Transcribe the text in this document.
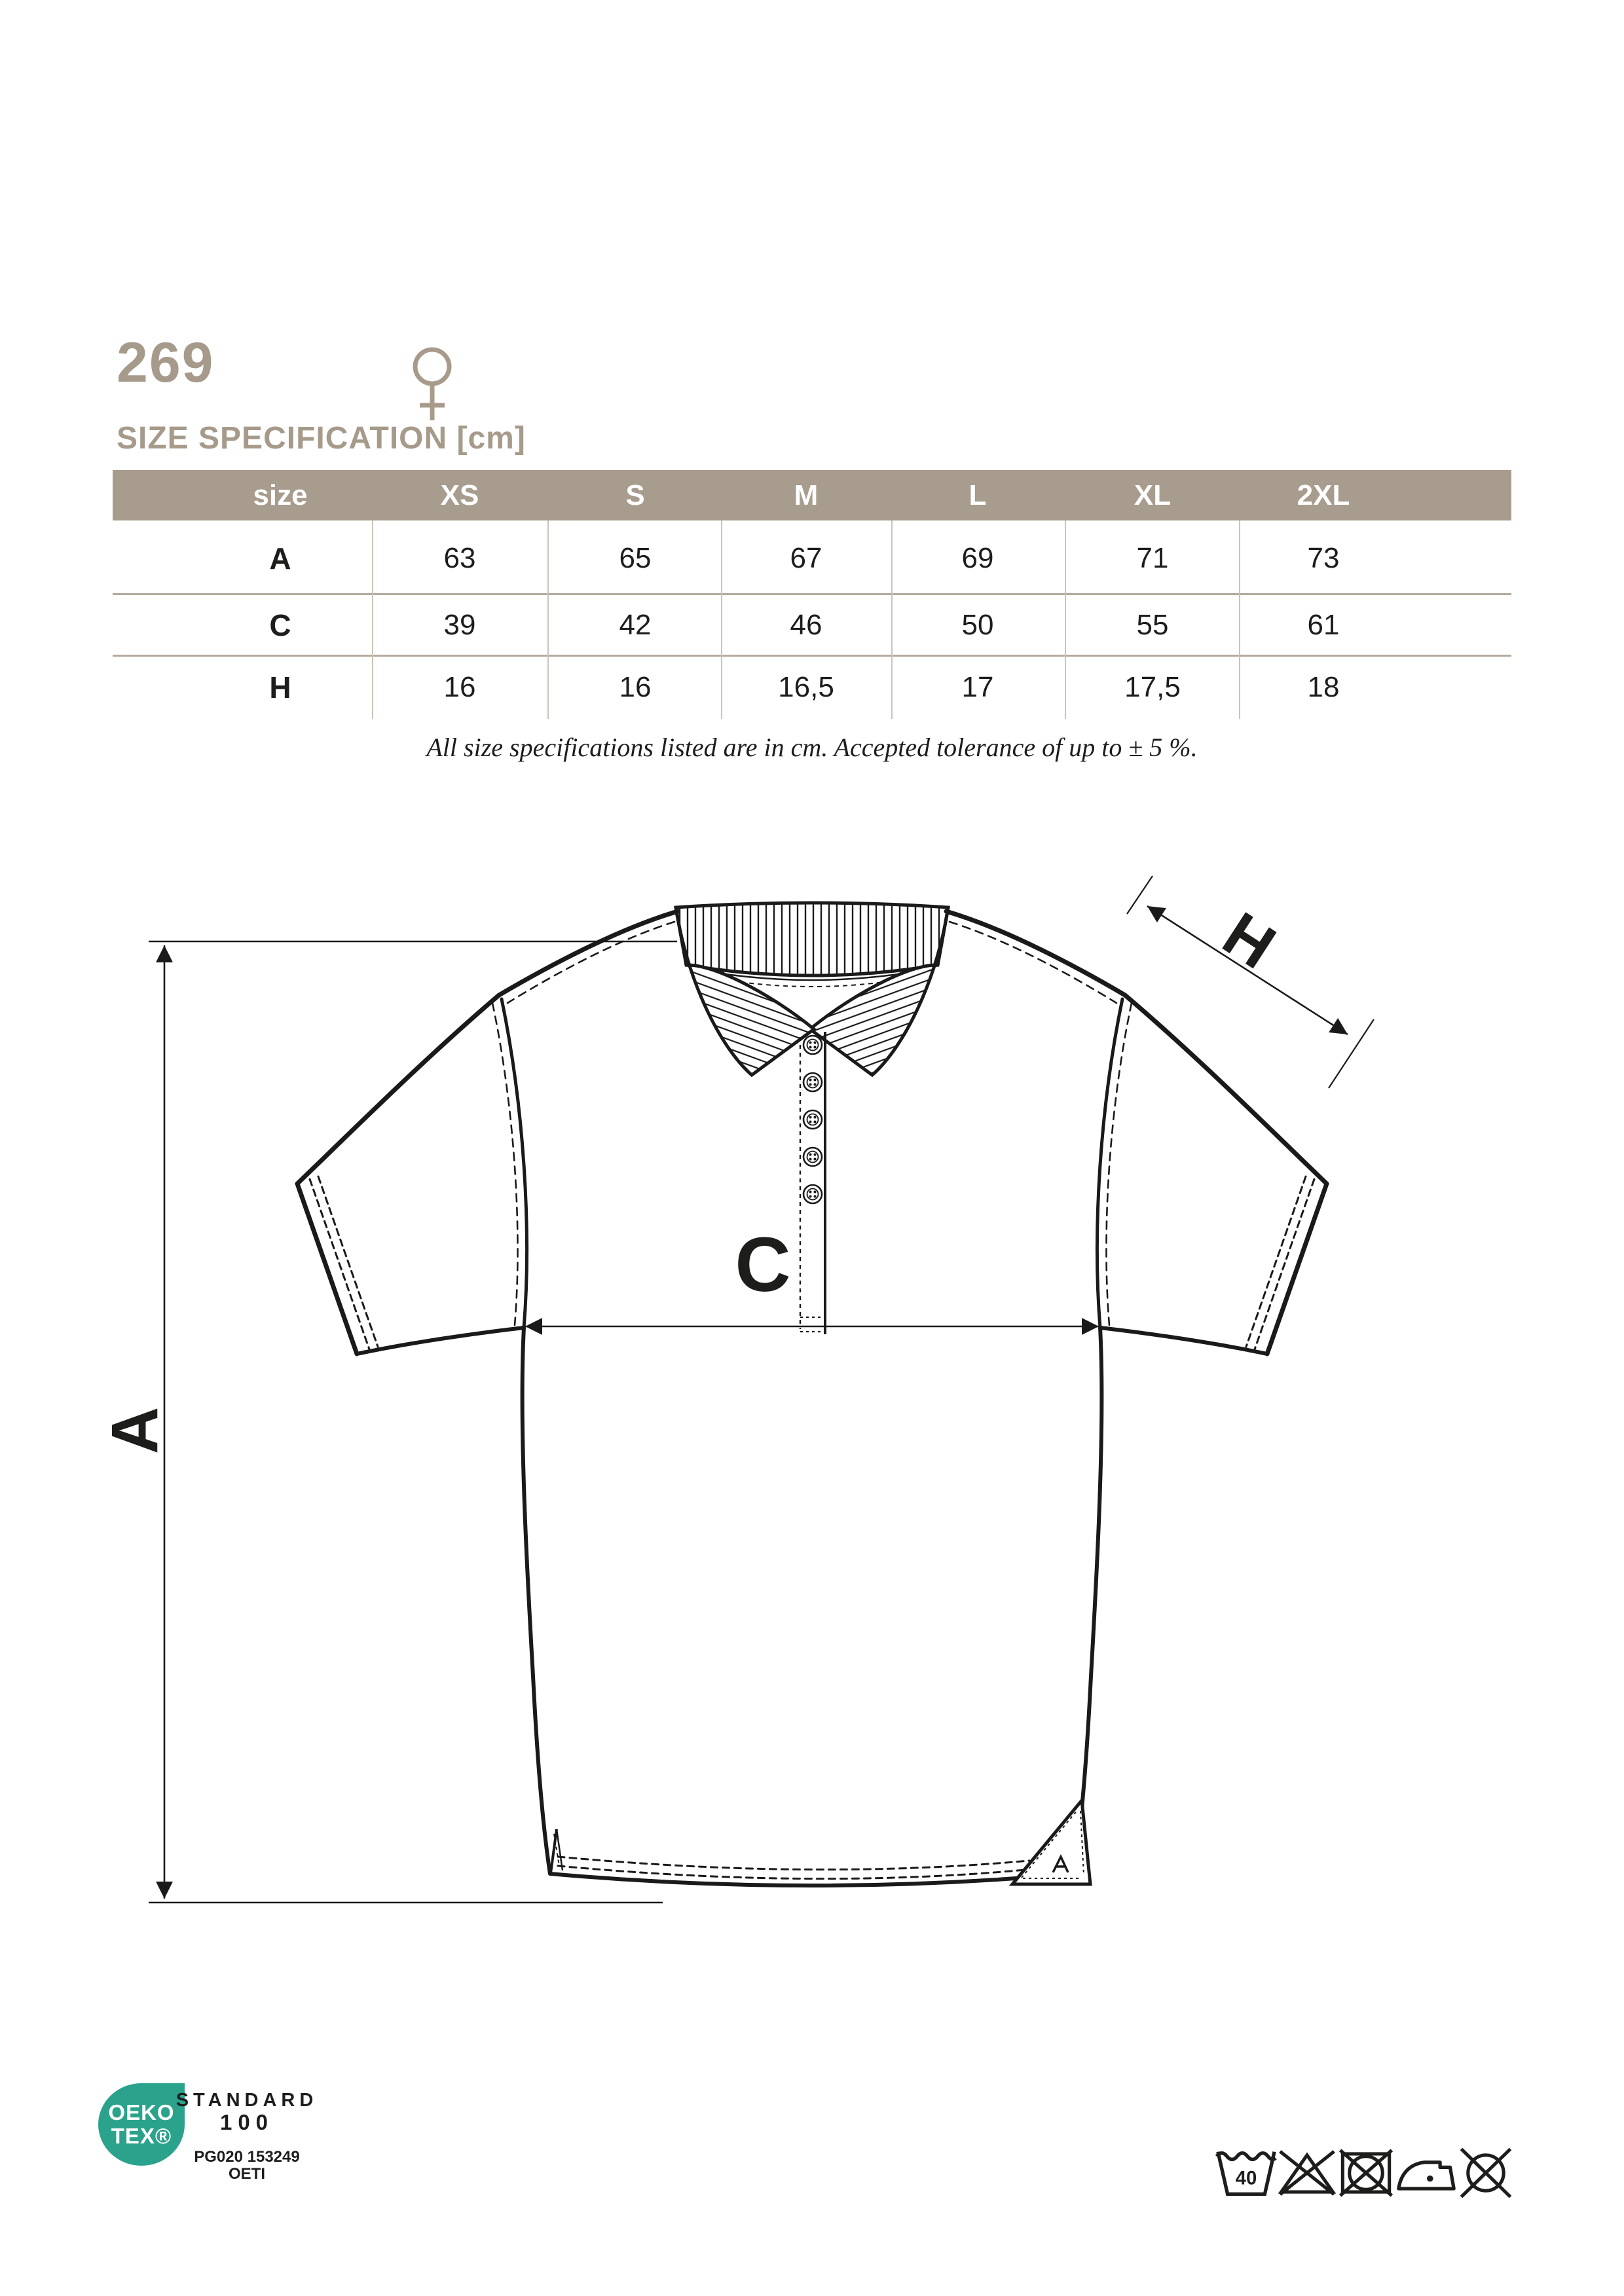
269
SIZE SPECIFICATION [cm]
size	XS	S	M	L	XL	2XL
A	63	65	67	69	71	73
C	39	42	46	50	55	61
H	16	16	16,5	17	17,5	18
All size specifications listed are in cm. Accepted tolerance of up to ± 5 %.
A
C
H
OEKO
TEX®
STANDARD
100
PG020 153249
OETI	40
